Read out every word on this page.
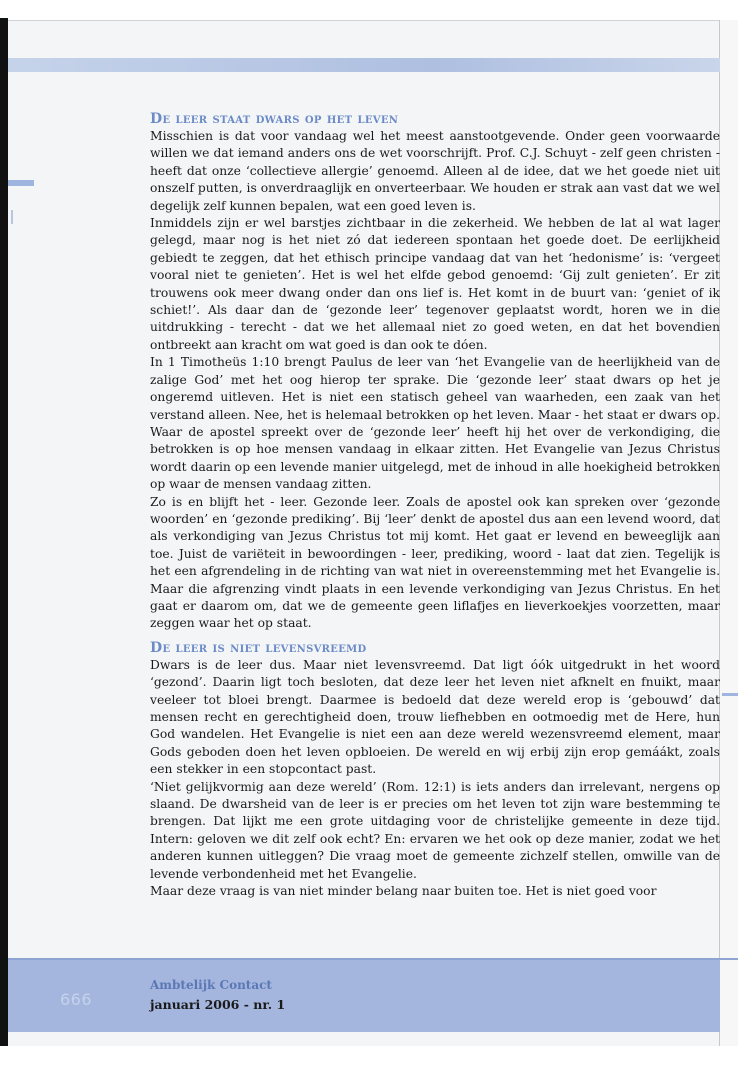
De leer staat dwars op het leven

Misschien is dat voor vandaag wel het meest aanstootgevende. Onder geen voorwaarde willen we dat iemand anders ons de wet voorschrijft. Prof. C.J. Schuyt - zelf geen christen - heeft dat onze ‘collectieve allergie’ genoemd. Alleen al de idee, dat we het goede niet uit onszelf putten, is onverdraaglijk en onverteerbaar. We houden er strak aan vast dat we wel degelijk zelf kunnen bepalen, wat een goed leven is.

Inmiddels zijn er wel barstjes zichtbaar in die zekerheid. We hebben de lat al wat lager gelegd, maar nog is het niet zó dat iedereen spontaan het goede doet. De eerlijkheid gebiedt te zeggen, dat het ethisch principe vandaag dat van het ‘hedonisme’ is: ‘vergeet vooral niet te genieten’. Het is wel het elfde gebod genoemd: ‘Gij zult genieten’. Er zit trouwens ook meer dwang onder dan ons lief is. Het komt in de buurt van: ‘geniet of ik schiet!’. Als daar dan de ‘gezonde leer’ tegenover geplaatst wordt, horen we in die uitdrukking - terecht - dat we het allemaal niet zo goed weten, en dat het bovendien ontbreekt aan kracht om wat goed is dan ook te dóen.

In 1 Timotheüs 1:10 brengt Paulus de leer van ‘het Evangelie van de heerlijkheid van de zalige God’ met het oog hierop ter sprake. Die ‘gezonde leer’ staat dwars op het je ongeremd uitleven. Het is niet een statisch geheel van waarheden, een zaak van het verstand alleen. Nee, het is helemaal betrokken op het leven. Maar - het staat er dwars op. Waar de apostel spreekt over de ‘gezonde leer’ heeft hij het over de verkondiging, die betrokken is op hoe mensen vandaag in elkaar zitten. Het Evangelie van Jezus Christus wordt daarin op een levende manier uitgelegd, met de inhoud in alle hoekigheid betrokken op waar de mensen vandaag zitten.

Zo is en blijft het - leer. Gezonde leer. Zoals de apostel ook kan spreken over ‘gezonde woorden’ en ‘gezonde prediking’. Bij ‘leer’ denkt de apostel dus aan een levend woord, dat als verkondiging van Jezus Christus tot mij komt. Het gaat er levend en beweeglijk aan toe. Juist de variëteit in bewoordingen - leer, prediking, woord - laat dat zien. Tegelijk is het een afgrendeling in de richting van wat niet in overeenstemming met het Evangelie is. Maar die afgrenzing vindt plaats in een levende verkondiging van Jezus Christus. En het gaat er daarom om, dat we de gemeente geen liflafjes en lieverkoekjes voorzetten, maar zeggen waar het op staat.

De leer is niet levensvreemd

Dwars is de leer dus. Maar niet levensvreemd. Dat ligt óók uitgedrukt in het woord ‘gezond’. Daarin ligt toch besloten, dat deze leer het leven niet afknelt en fnuikt, maar veeleer tot bloei brengt. Daarmee is bedoeld dat deze wereld erop is ‘gebouwd’ dat mensen recht en gerechtigheid doen, trouw liefhebben en ootmoedig met de Here, hun God wandelen. Het Evangelie is niet een aan deze wereld wezensvreemd element, maar Gods geboden doen het leven opbloeien. De wereld en wij erbij zijn erop gemáákt, zoals een stekker in een stopcontact past.

‘Niet gelijkvormig aan deze wereld’ (Rom. 12:1) is iets anders dan irrelevant, nergens op slaand. De dwarsheid van de leer is er precies om het leven tot zijn ware bestemming te brengen. Dat lijkt me een grote uitdaging voor de christelijke gemeente in deze tijd. Intern: geloven we dit zelf ook echt? En: ervaren we het ook op deze manier, zodat we het anderen kunnen uitleggen? Die vraag moet de gemeente zichzelf stellen, omwille van de levende verbondenheid met het Evangelie.

Maar deze vraag is van niet minder belang naar buiten toe. Het is niet goed voor

666
Ambtelijk Contact
januari 2006 - nr. 1
